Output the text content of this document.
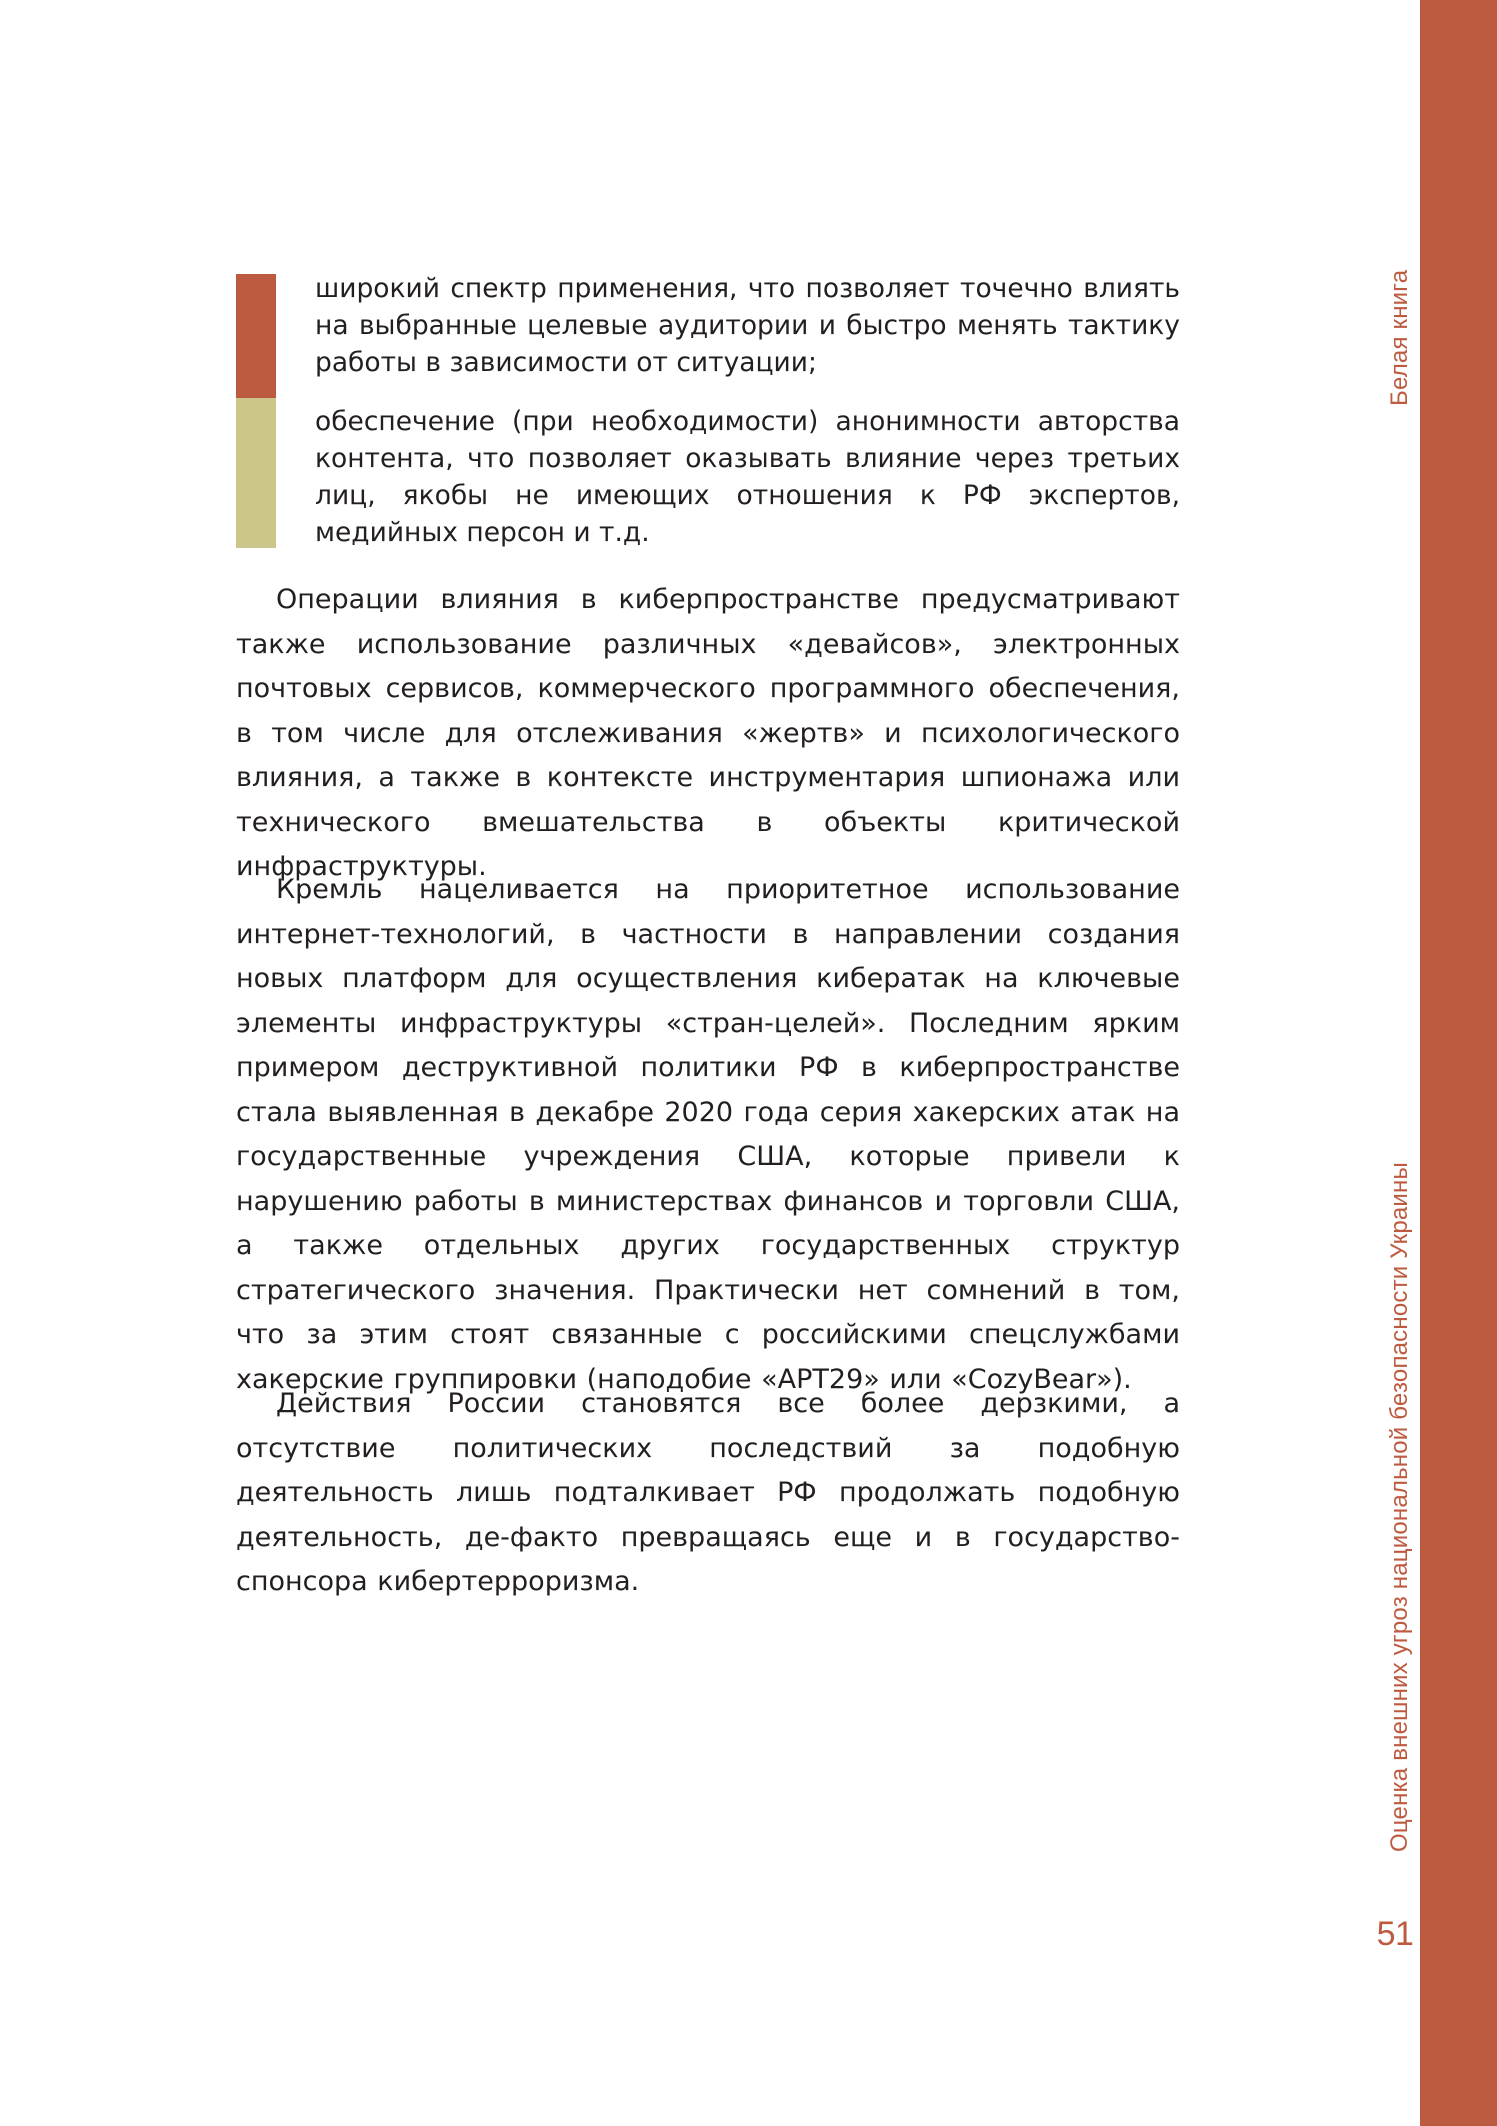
Белая книга
Оценка внешних угроз национальной безопасности Украины
51

широкий спектр применения, что позволяет точечно влиять на выбранные целевые аудитории и быстро менять тактику работы в зависимости от ситуации;

обеспечение (при необходимости) анонимности авторства контента, что позволяет оказывать влияние через третьих лиц, якобы не имеющих отношения к РФ экспертов, медийных персон и т.д.

Операции влияния в киберпространстве предусматривают также использование различных «девайсов», электронных почтовых сервисов, коммерческого программного обеспечения, в том числе для отслеживания «жертв» и психологического влияния, а также в контексте инструментария шпионажа или технического вмешательства в объекты критической инфраструктуры.

Кремль нацеливается на приоритетное использование интернет-технологий, в частности в направлении создания новых платформ для осуществления кибератак на ключевые элементы инфраструктуры «стран-целей». Последним ярким примером деструктивной политики РФ в киберпространстве стала выявленная в декабре 2020 года серия хакерских атак на государственные учреждения США, которые привели к нарушению работы в министерствах финансов и торговли США, а также отдельных других государственных структур стратегического значения. Практически нет сомнений в том, что за этим стоят связанные с российскими спецслужбами хакерские группировки (наподобие «APT29» или «CozyBear»).

Действия России становятся все более дерзкими, а отсутствие политических последствий за подобную деятельность лишь подталкивает РФ продолжать подобную деятельность, де-факто превращаясь еще и в государство-спонсора кибертерроризма.
